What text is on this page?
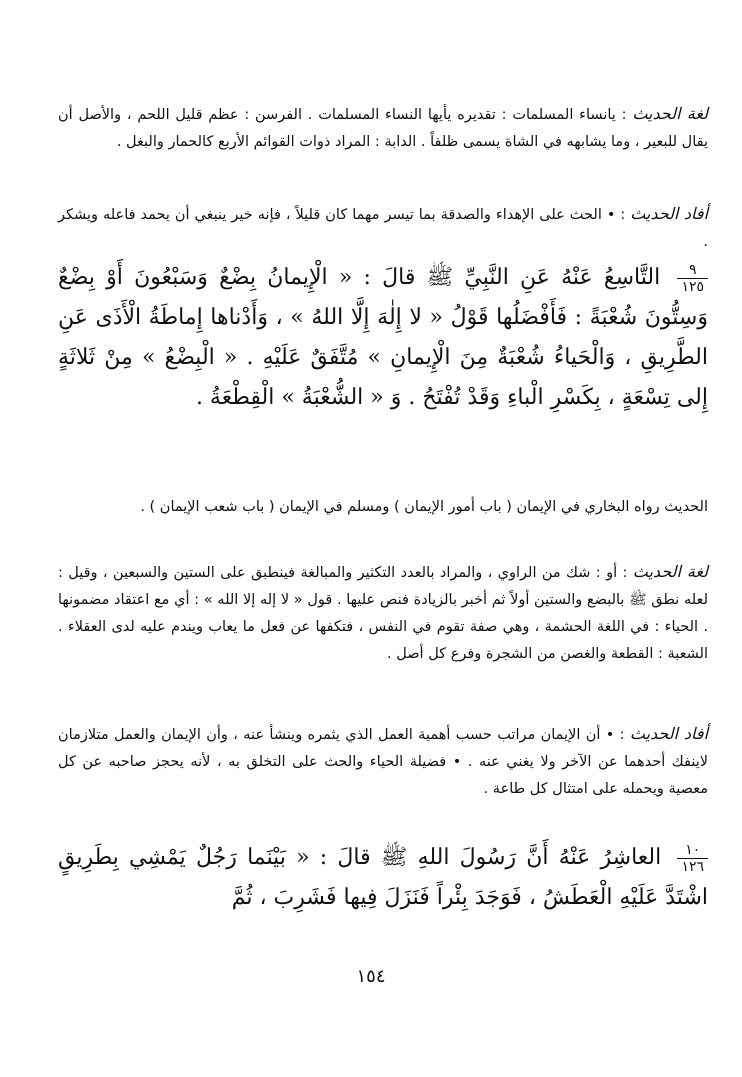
لغة الحديث : يانساء المسلمات : تقديره يأيها النساء المسلمات . الفرسن : عظم قليل اللحم ، والأصل أن يقال للبعير ، وما يشابهه في الشاة يسمى ظلفاً . الدابة : المراد ذوات القوائم الأربع كالحمار والبغل .
أفاد الحديث : • الحث على الإهداء والصدقة بما تيسر مهما كان قليلاً ، فإنه خير ينبغي أن يحمد فاعله ويشكر .
٩
١٢٥
التَّاسِعُ عَنْهُ عَنِ النَّبِيِّ ﷺ قالَ : « الْإِيمانُ بِضْعٌ وَسَبْعُونَ أَوْ بِضْعٌ وَسِتُّونَ شُعْبَةً : فَأَفْضَلُها قَوْلُ « لا إِلٰهَ إِلَّا اللهُ » ، وَأَدْناها إِماطَةُ الْأَذَى عَنِ الطَّرِيقِ ، وَالْحَياءُ شُعْبَةٌ مِنَ الْإِيمانِ » مُتَّفَقٌ عَلَيْهِ . « الْبِضْعُ » مِنْ ثَلاثَةٍ إِلى تِسْعَةٍ ، بِكَسْرِ الْباءِ وَقَدْ تُفْتَحُ . وَ « الشُّعْبَةُ » الْقِطْعَةُ .
الحديث رواه البخاري في الإيمان ( باب أمور الإيمان ) ومسلم في الإيمان ( باب شعب الإيمان ) .
لغة الحديث : أو : شك من الراوي ، والمراد بالعدد التكثير والمبالغة فينطبق على الستين والسبعين ، وقيل : لعله نطق ﷺ بالبضع والستين أولاً ثم أخبر بالزيادة فنص عليها . قول « لا إله إلا الله » : أي مع اعتقاد مضمونها . الحياء : في اللغة الحشمة ، وهي صفة تقوم في النفس ، فتكفها عن فعل ما يعاب ويندم عليه لدى العقلاء . الشعبة : القطعة والغصن من الشجرة وفرع كل أصل .
أفاد الحديث : • أن الإيمان مراتب حسب أهمية العمل الذي يثمره وينشأ عنه ، وأن الإيمان والعمل متلازمان لاينفك أحدهما عن الآخر ولا يغني عنه . • فضيلة الحياء والحث على التخلق به ، لأنه يحجز صاحبه عن كل معصية ويحمله على امتثال كل طاعة .
١٠
١٢٦
العاشِرُ عَنْهُ أَنَّ رَسُولَ اللهِ ﷺ قالَ : « بَيْنَما رَجُلٌ يَمْشِي بِطَرِيقٍ اشْتَدَّ عَلَيْهِ الْعَطَشُ ، فَوَجَدَ بِئْراً فَنَزَلَ فِيها فَشَرِبَ ، ثُمَّ
١٥٤
